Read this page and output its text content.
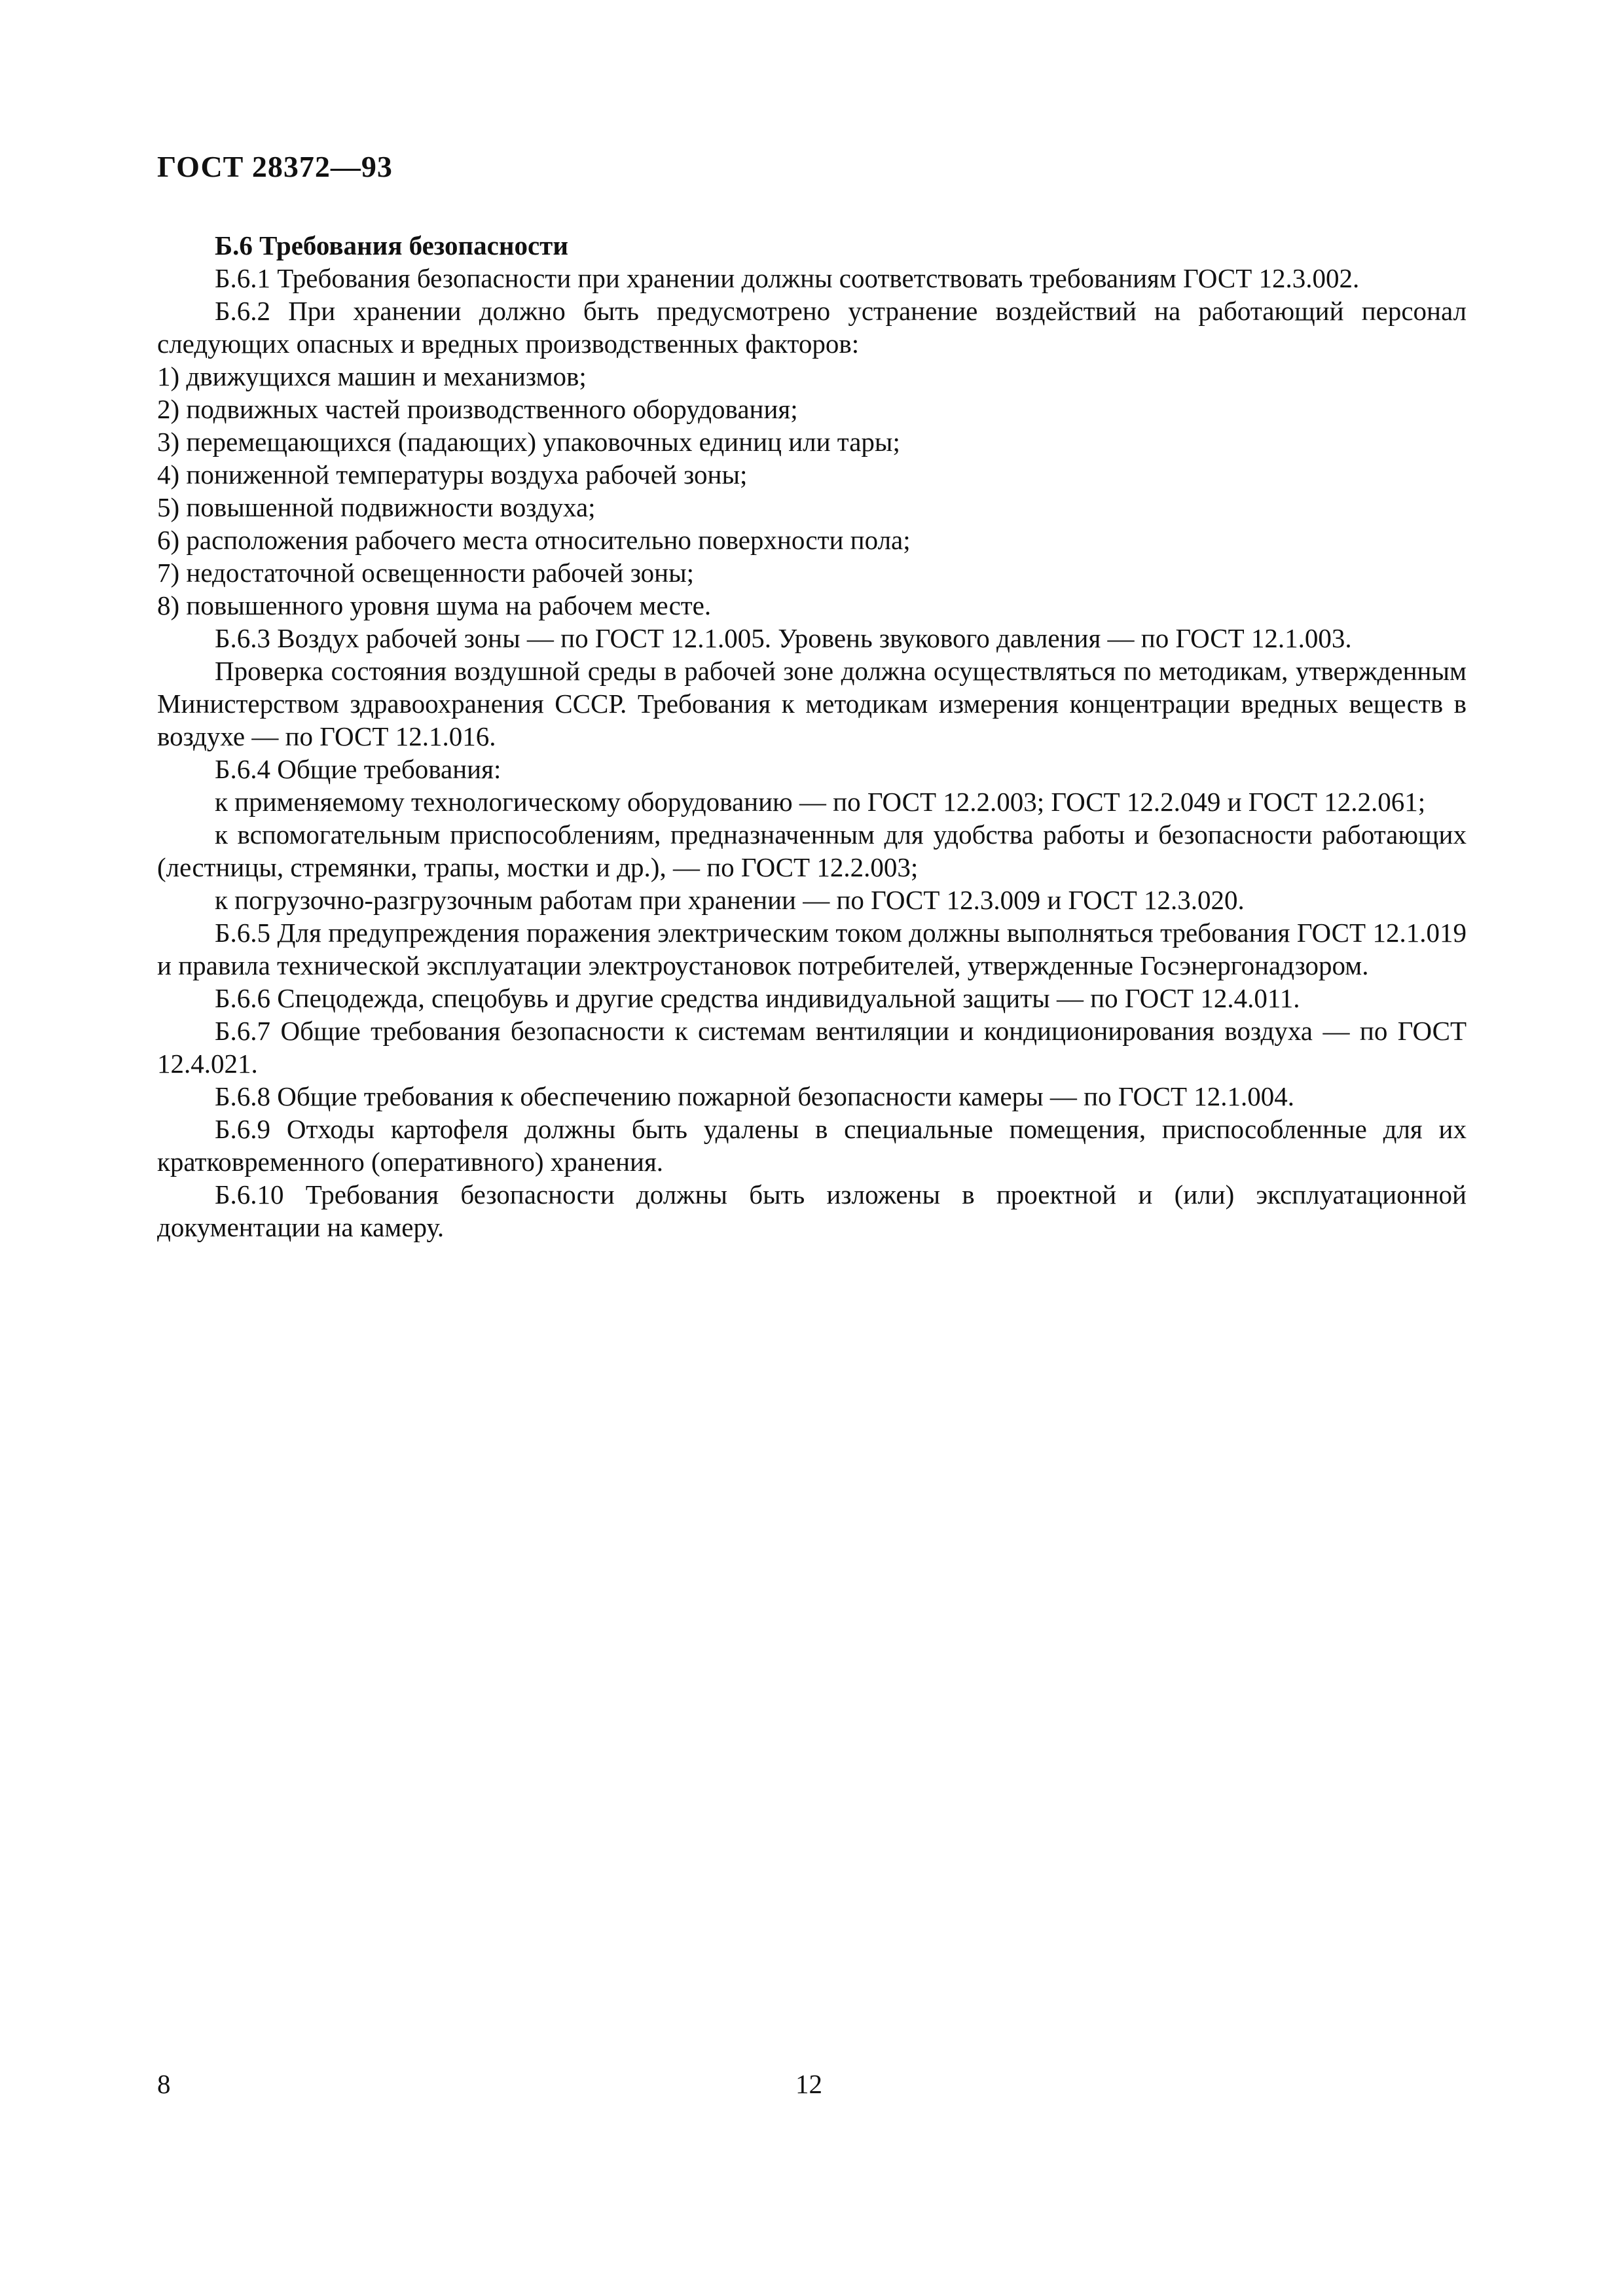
ГОСТ 28372—93

Б.6 Требования безопасности

Б.6.1 Требования безопасности при хранении должны соответствовать требованиям ГОСТ 12.3.002.

Б.6.2 При хранении должно быть предусмотрено устранение воздействий на работающий персонал следующих опасных и вредных производственных факторов:

1) движущихся машин и механизмов;

2) подвижных частей производственного оборудования;

3) перемещающихся (падающих) упаковочных единиц или тары;

4) пониженной температуры воздуха рабочей зоны;

5) повышенной подвижности воздуха;

6) расположения рабочего места относительно поверхности пола;

7) недостаточной освещенности рабочей зоны;

8) повышенного уровня шума на рабочем месте.

Б.6.3 Воздух рабочей зоны — по ГОСТ 12.1.005. Уровень звукового давления — по ГОСТ 12.1.003.

Проверка состояния воздушной среды в рабочей зоне должна осуществляться по методикам, утвержденным Министерством здравоохранения СССР. Требования к методикам измерения концентрации вредных веществ в воздухе — по ГОСТ 12.1.016.

Б.6.4 Общие требования:

к применяемому технологическому оборудованию — по ГОСТ 12.2.003; ГОСТ 12.2.049 и ГОСТ 12.2.061;

к вспомогательным приспособлениям, предназначенным для удобства работы и безопасности работающих (лестницы, стремянки, трапы, мостки и др.), — по ГОСТ 12.2.003;

к погрузочно-разгрузочным работам при хранении — по ГОСТ 12.3.009 и ГОСТ 12.3.020.

Б.6.5 Для предупреждения поражения электрическим током должны выполняться требования ГОСТ 12.1.019 и правила технической эксплуатации электроустановок потребителей, утвержденные Госэнергонадзором.

Б.6.6 Спецодежда, спецобувь и другие средства индивидуальной защиты — по ГОСТ 12.4.011.

Б.6.7 Общие требования безопасности к системам вентиляции и кондиционирования воздуха — по ГОСТ 12.4.021.

Б.6.8 Общие требования к обеспечению пожарной безопасности камеры — по ГОСТ 12.1.004.

Б.6.9 Отходы картофеля должны быть удалены в специальные помещения, приспособленные для их кратковременного (оперативного) хранения.

Б.6.10 Требования безопасности должны быть изложены в проектной и (или) эксплуатационной документации на камеру.

8	12
